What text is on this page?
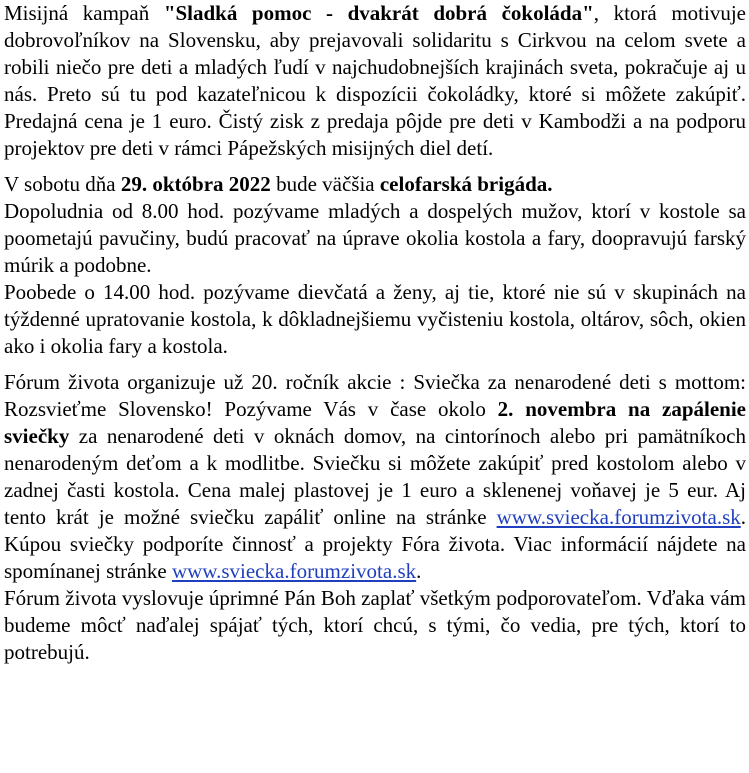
Misijná kampaň "Sladká pomoc - dvakrát dobrá čokoláda", ktorá motivuje dobrovoľníkov na Slovensku, aby prejavovali solidaritu s Cirkvou na celom svete a robili niečo pre deti a mladých ľudí v najchudobnejších krajinách sveta, pokračuje aj u nás. Preto sú tu pod kazateľnicou k dispozícii čokoládky, ktoré si môžete zakúpiť. Predajná cena je 1 euro. Čistý zisk z predaja pôjde pre deti v Kambodži a na podporu projektov pre deti v rámci Pápežských misijných diel detí.

V sobotu dňa 29. októbra 2022 bude väčšia celofarská brigáda.

Dopoludnia od 8.00 hod. pozývame mladých a dospelých mužov, ktorí v kostole sa poometajú pavučiny, budú pracovať na úprave okolia kostola a fary, doopravujú farský múrik a podobne.

Poobede o 14.00 hod. pozývame dievčatá a ženy, aj tie, ktoré nie sú v skupinách na týždenné upratovanie kostola, k dôkladnejšiemu vyčisteniu kostola, oltárov, sôch, okien ako i okolia fary a kostola.

Fórum života organizuje už 20. ročník akcie : Sviečka za nenarodené deti s mottom: Rozsvieťme Slovensko! Pozývame Vás v čase okolo 2. novembra na zapálenie sviečky za nenarodené deti v oknách domov, na cintorínoch alebo pri pamätníkoch nenarodeným deťom a k modlitbe. Sviečku si môžete zakúpiť pred kostolom alebo v zadnej časti kostola. Cena malej plastovej je 1 euro a sklenenej voňavej je 5 eur. Aj tento krát je možné sviečku zapáliť online na stránke www.sviecka.forumzivota.sk. Kúpou sviečky podporíte činnosť a projekty Fóra života. Viac informácií nájdete na spomínanej stránke www.sviecka.forumzivota.sk.

Fórum života vyslovuje úprimné Pán Boh zaplať všetkým podporovateľom. Vďaka vám budeme môcť naďalej spájať tých, ktorí chcú, s tými, čo vedia, pre tých, ktorí to potrebujú.
